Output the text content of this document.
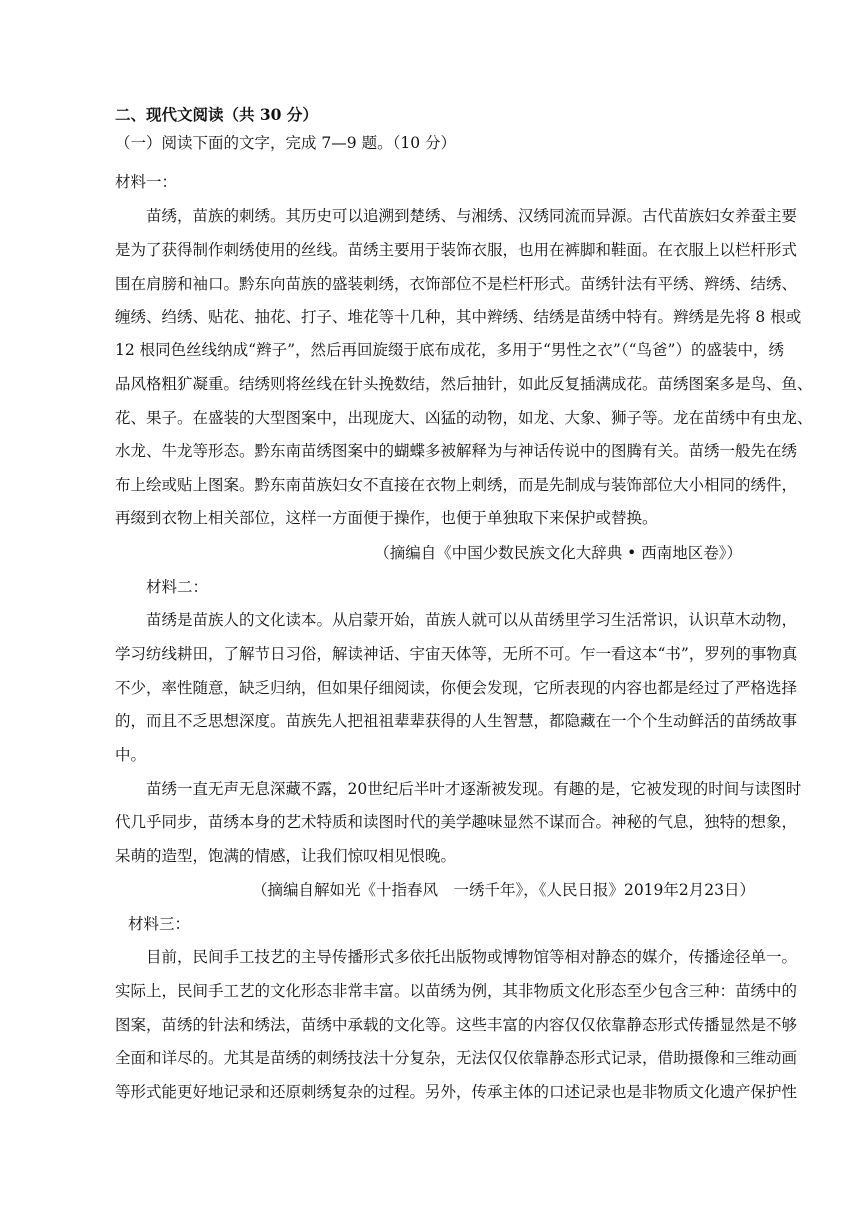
二、现代文阅读（共 30 分）
（一）阅读下面的文字，完成 7—9 题。（10 分）
材料一：
苗绣，苗族的刺绣。其历史可以追溯到楚绣、与湘绣、汉绣同流而异源。古代苗族妇女养蚕主要
是为了获得制作刺绣使用的丝线。苗绣主要用于装饰衣服，也用在裤脚和鞋面。在衣服上以栏杆形式
围在肩膀和袖口。黔东向苗族的盛装刺绣，衣饰部位不是栏杆形式。苗绣针法有平绣、辫绣、结绣、
缠绣、绉绣、贴花、抽花、打子、堆花等十几种，其中辫绣、结绣是苗绣中特有。辫绣是先将 8 根或
12 根同色丝线纳成“辫子”，然后再回旋缀于底布成花，多用于“男性之衣”（“鸟爸”）的盛装中，绣
品风格粗犷凝重。结绣则将丝线在针头挽数结，然后抽针，如此反复插满成花。苗绣图案多是鸟、鱼、
花、果子。在盛装的大型图案中，出现庞大、凶猛的动物，如龙、大象、狮子等。龙在苗绣中有虫龙、
水龙、牛龙等形态。黔东南苗绣图案中的蝴蝶多被解释为与神话传说中的图腾有关。苗绣一般先在绣
布上绘或贴上图案。黔东南苗族妇女不直接在衣物上刺绣，而是先制成与装饰部位大小相同的绣件，
再缀到衣物上相关部位，这样一方面便于操作，也便于单独取下来保护或替换。
（摘编自《中国少数民族文化大辞典 • 西南地区卷》）
材料二：
苗绣是苗族人的文化读本。从启蒙开始，苗族人就可以从苗绣里学习生活常识，认识草木动物，
学习纺线耕田，了解节日习俗，解读神话、宇宙天体等，无所不可。乍一看这本“书”，罗列的事物真
不少，率性随意，缺乏归纳，但如果仔细阅读，你便会发现，它所表现的内容也都是经过了严格选择
的，而且不乏思想深度。苗族先人把祖祖辈辈获得的人生智慧，都隐藏在一个个生动鲜活的苗绣故事
中。
苗绣一直无声无息深藏不露，20世纪后半叶才逐渐被发现。有趣的是，它被发现的时间与读图时
代几乎同步，苗绣本身的艺术特质和读图时代的美学趣味显然不谋而合。神秘的气息，独特的想象，
呆萌的造型，饱满的情感，让我们惊叹相见恨晚。
（摘编自解如光《十指春风　一绣千年》，《人民日报》2019年2月23日）
材料三：
目前，民间手工技艺的主导传播形式多依托出版物或博物馆等相对静态的媒介，传播途径单一。
实际上，民间手工艺的文化形态非常丰富。以苗绣为例，其非物质文化形态至少包含三种：苗绣中的
图案，苗绣的针法和绣法，苗绣中承载的文化等。这些丰富的内容仅仅依靠静态形式传播显然是不够
全面和详尽的。尤其是苗绣的刺绣技法十分复杂，无法仅仅依靠静态形式记录，借助摄像和三维动画
等形式能更好地记录和还原刺绣复杂的过程。另外，传承主体的口述记录也是非物质文化遗产保护性
